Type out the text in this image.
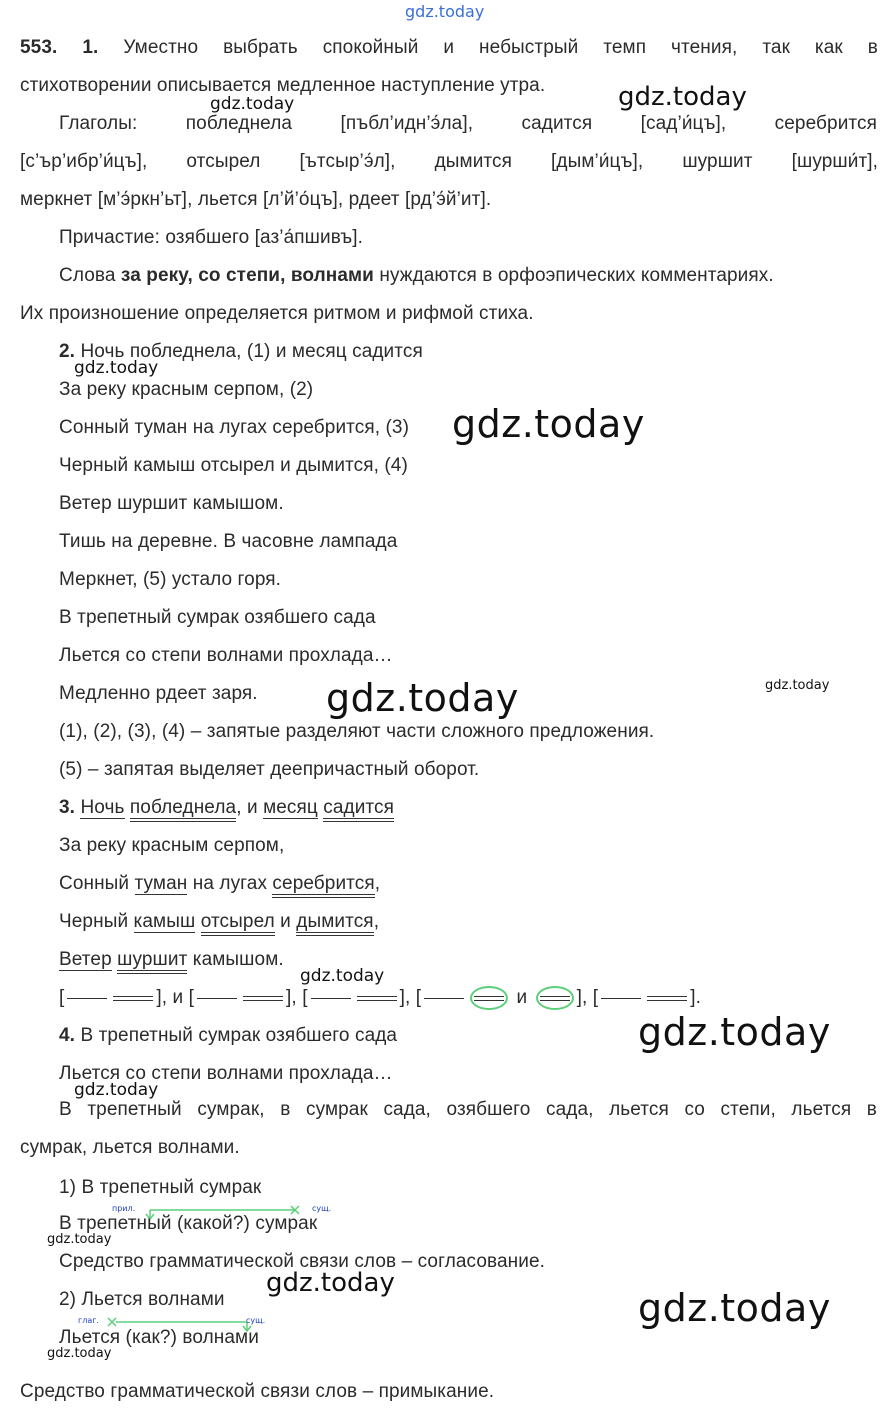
gdz.today
553. 1. Уместно выбрать спокойный и небыстрый темп чтения, так как в
стихотворении описывается медленное наступление утра.	gdz.today
gdz.today
Глаголы: побледнела [пъбл’идн’э́ла], садится [сад’и́цъ], серебрится
[с’ър’ибр’и́цъ], отсырел [ътсыр’э́л], дымится [дым’и́цъ], шуршит [шурши́т],
меркнет [м’э́ркн’ьт], льется [л’й’о́цъ], рдеет [рд’э́й’ит].
Причастие: озябшего [аз’а́пшивъ].
Слова за реку, со степи, волнами нуждаются в орфоэпических комментариях.
Их произношение определяется ритмом и рифмой стиха.
2. Ночь побледнела, (1) и месяц садится
gdz.today
За реку красным серпом, (2)
Сонный туман на лугах серебрится, (3) gdz.today
Черный камыш отсырел и дымится, (4)
Ветер шуршит камышом.
Тишь на деревне. В часовне лампада
Меркнет, (5) устало горя.
В трепетный сумрак озябшего сада
Льется со степи волнами прохлада…
Медленно рдеет заря. gdz.today	gdz.today
(1), (2), (3), (4) – запятые разделяют части сложного предложения.
(5) – запятая выделяет деепричастный оборот.
3. Ночь побледнела, и месяц садится
За реку красным серпом,
Сонный туман на лугах серебрится,
Черный камыш отсырел и дымится,
Ветер шуршит камышом.
gdz.today
[	], и [	], [	], [	и	], [	].
4. В трепетный сумрак озябшего сада	gdz.today
Льется со степи волнами прохлада…
gdz.today
В трепетный сумрак, в сумрак сада, озябшего сада, льется со степи, льется в
сумрак, льется волнами.
1) В трепетный сумрак
прил.	сущ.
В трепетный (какой?) сумрак
gdz.today
Средство грамматической связи слов – согласование.
2) Льется волнами
gdz.today
gdz.today
глаг.	сущ.
Льется (как?) волнами
gdz.today
Средство грамматической связи слов – примыкание.
